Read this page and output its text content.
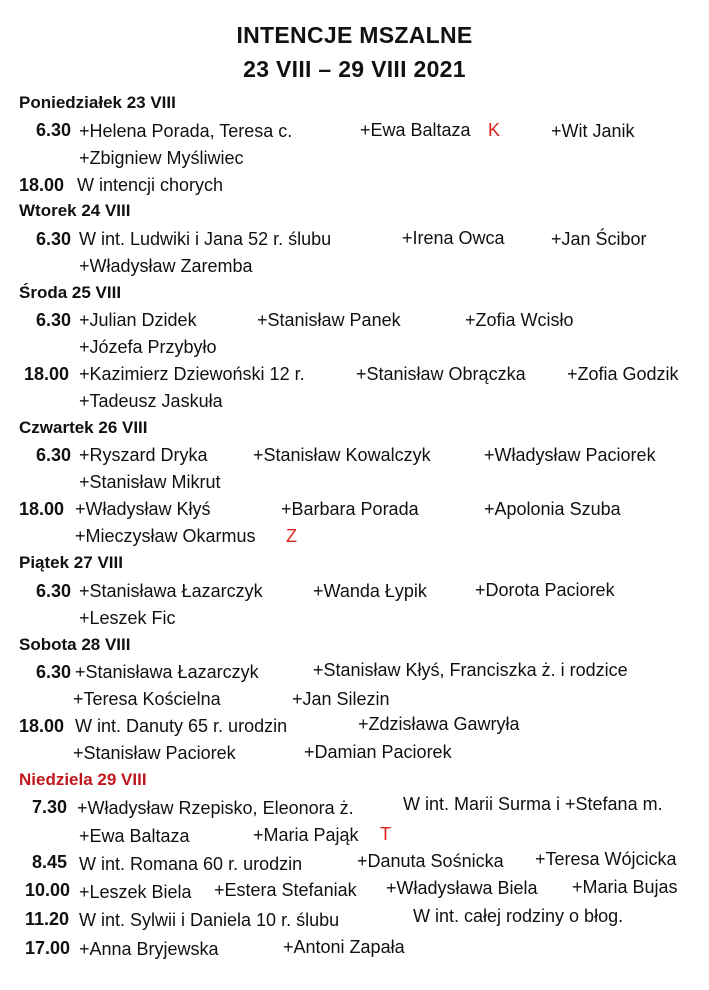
INTENCJE MSZALNE
23 VIII – 29 VIII 2021
Poniedziałek 23 VIII
6.30 +Helena Porada, Teresa c.	+Ewa Baltaza K	+Wit Janik
+Zbigniew Myśliwiec
18.00 W intencji chorych
Wtorek 24 VIII
6.30 W int. Ludwiki i Jana 52 r. ślubu	+Irena Owca	+Jan Ścibor
+Władysław Zaremba
Środa 25 VIII
6.30 +Julian Dzidek	+Stanisław Panek	+Zofia Wcisło
+Józefa Przybyło
18.00 +Kazimierz Dziewoński 12 r.	+Stanisław Obrączka +Zofia Godzik
+Tadeusz Jaskuła
Czwartek 26 VIII
6.30 +Ryszard Dryka	+Stanisław Kowalczyk	+Władysław Paciorek
+Stanisław Mikrut
18.00 +Władysław Kłyś	+Barbara Porada	+Apolonia Szuba
+Mieczysław Okarmus Z
Piątek 27 VIII
6.30 +Stanisława Łazarczyk	+Wanda Łypik	+Dorota Paciorek
+Leszek Fic
Sobota 28 VIII
6.30 +Stanisława Łazarczyk	+Stanisław Kłyś, Franciszka ż. i rodzice
+Teresa Kościelna	+Jan Silezin
18.00 W int. Danuty 65 r. urodzin	+Zdzisława Gawryła
+Stanisław Paciorek	+Damian Paciorek
Niedziela 29 VIII
7.30 +Władysław Rzepisko, Eleonora ż.	W int. Marii Surma i +Stefana m.
+Ewa Baltaza	+Maria Pająk T
8.45 W int. Romana 60 r. urodzin	+Danuta Sośnicka +Teresa Wójcicka
10.00 +Leszek Biela +Estera Stefaniak +Władysława Biela +Maria Bujas
11.20 W int. Sylwii i Daniela 10 r. ślubu	W int. całej rodziny o błog.
17.00 +Anna Bryjewska	+Antoni Zapała
